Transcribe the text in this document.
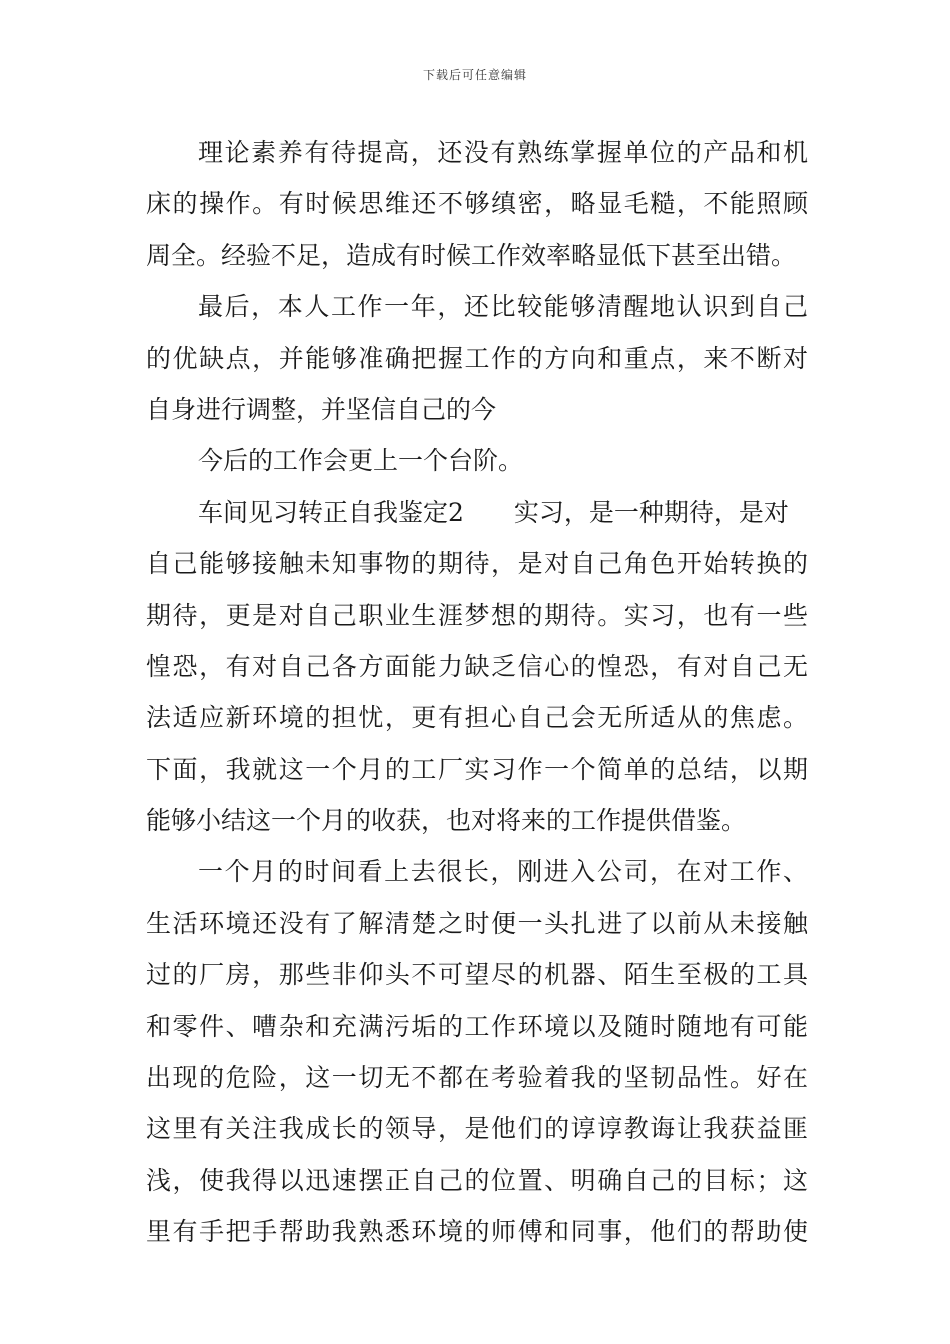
下载后可任意编辑
理论素养有待提高，还没有熟练掌握单位的产品和机
床的操作。有时候思维还不够缜密，略显毛糙，不能照顾
周全。经验不足，造成有时候工作效率略显低下甚至出错。
最后，本人工作一年，还比较能够清醒地认识到自己
的优缺点，并能够准确把握工作的方向和重点，来不断对
自身进行调整，并坚信自己的今
今后的工作会更上一个台阶。
车间见习转正自我鉴定2 实习，是一种期待，是对
自己能够接触未知事物的期待，是对自己角色开始转换的
期待，更是对自己职业生涯梦想的期待。实习，也有一些
惶恐，有对自己各方面能力缺乏信心的惶恐，有对自己无
法适应新环境的担忧，更有担心自己会无所适从的焦虑。
下面，我就这一个月的工厂实习作一个简单的总结，以期
能够小结这一个月的收获，也对将来的工作提供借鉴。
一个月的时间看上去很长，刚进入公司，在对工作、
生活环境还没有了解清楚之时便一头扎进了以前从未接触
过的厂房，那些非仰头不可望尽的机器、陌生至极的工具
和零件、嘈杂和充满污垢的工作环境以及随时随地有可能
出现的危险，这一切无不都在考验着我的坚韧品性。好在
这里有关注我成长的领导，是他们的谆谆教诲让我获益匪
浅，使我得以迅速摆正自己的位置、明确自己的目标；这
里有手把手帮助我熟悉环境的师傅和同事，他们的帮助使
